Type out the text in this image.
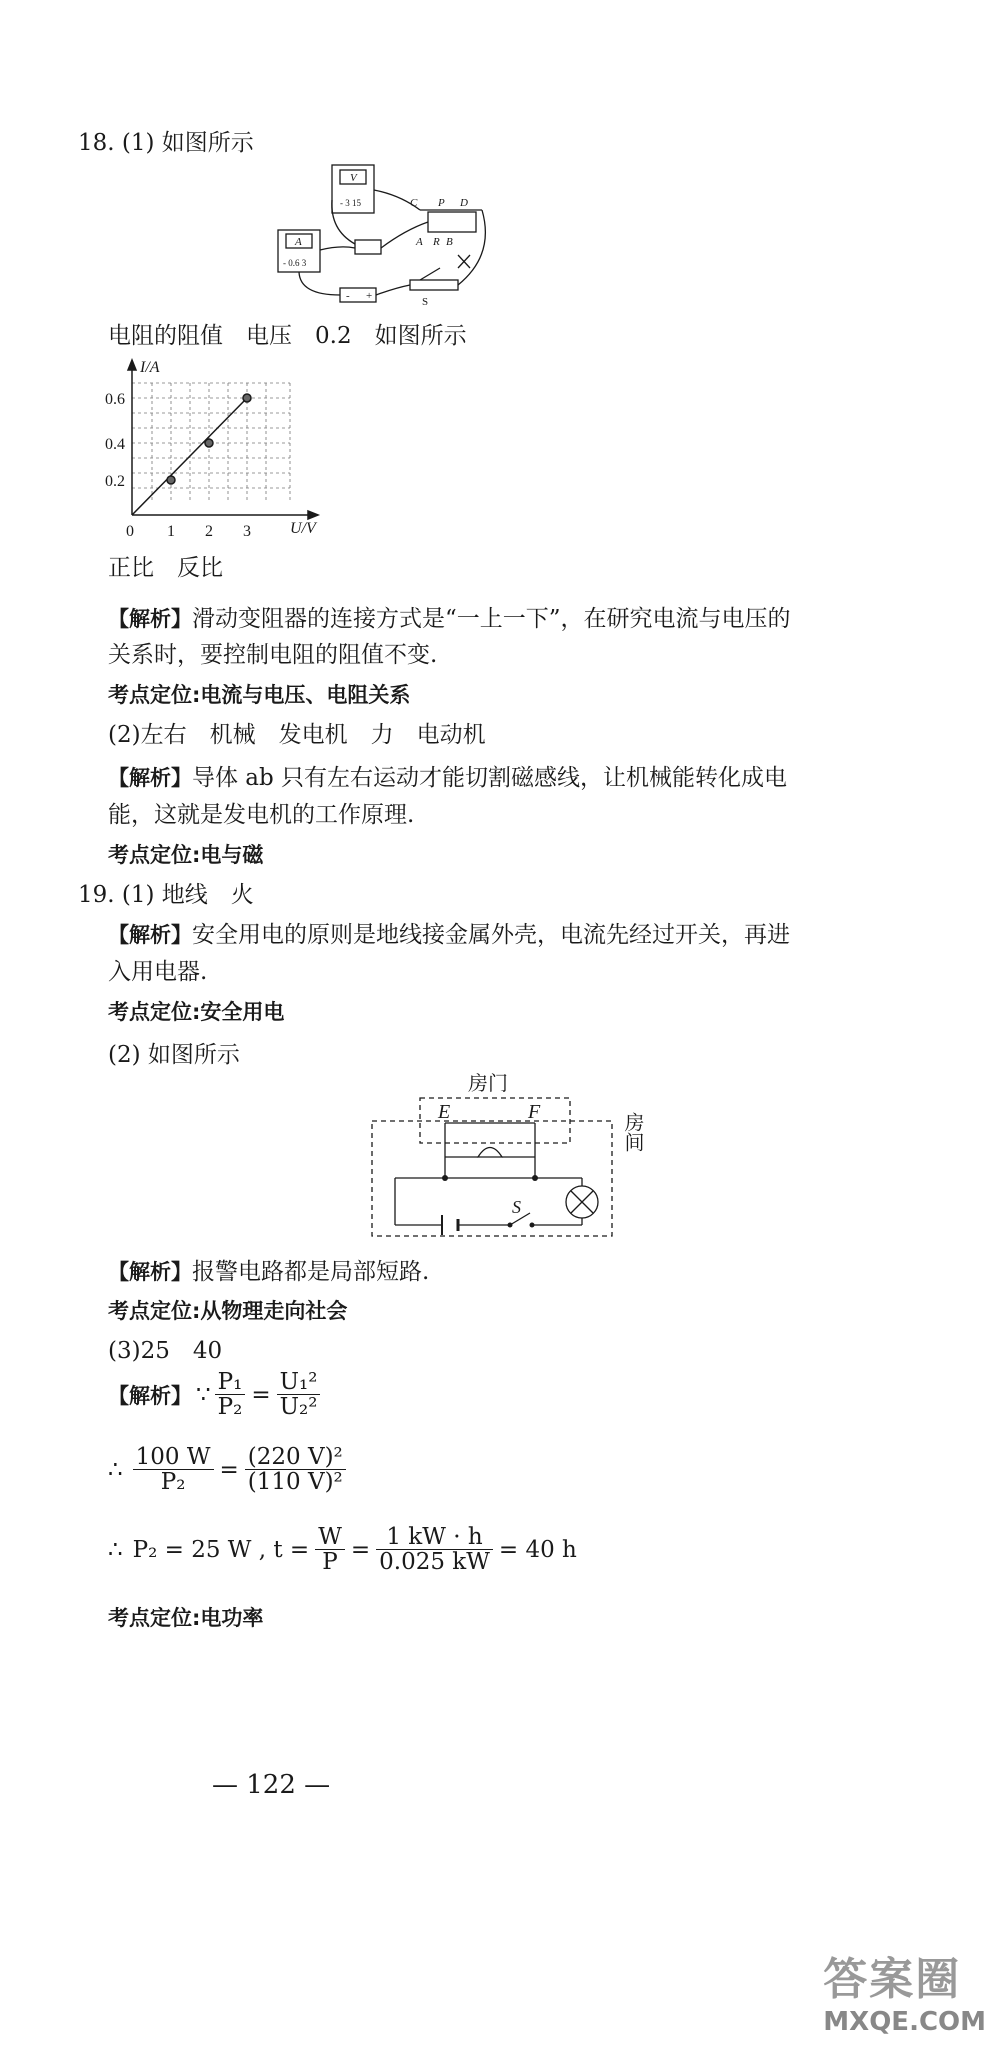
18. (1) 如图所示
V
- 3 15
A
- 0.6 3
C P D
A R B
S
- +
电阻的阻值　电压　0.2　如图所示
I/A
U/V
0
0.2
0.4
0.6
1 2 3
正比　反比
【解析】滑动变阻器的连接方式是“一上一下”，在研究电流与电压的
关系时，要控制电阻的阻值不变.
考点定位:电流与电压、电阻关系
(2)左右　机械　发电机　力　电动机
【解析】导体 ab 只有左右运动才能切割磁感线，让机械能转化成电
能，这就是发电机的工作原理.
考点定位:电与磁
19. (1) 地线　火
【解析】安全用电的原则是地线接金属外壳，电流先经过开关，再进
入用电器.
考点定位:安全用电
(2) 如图所示
房门
E	F
S
房间
【解析】报警电路都是局部短路.
考点定位:从物理走向社会
(3)25　40
【解析】 ∵ $\frac{\text{P₁}}{\text{P₂}} = \frac{\text{U₁²}}{\text{U₂²}}$
∴ $\frac{100 W}{\text{P₂}} = \frac{\text{(220 V)²}}{\text{(110 V)²}}$
∴ P₂ = 25 W , $t = \frac{W}{P} = \frac{1 kW \cdot h}{0.025 kW} = 40$ h
考点定位:电功率
— 122 —
答案圈
MXQE.COM
